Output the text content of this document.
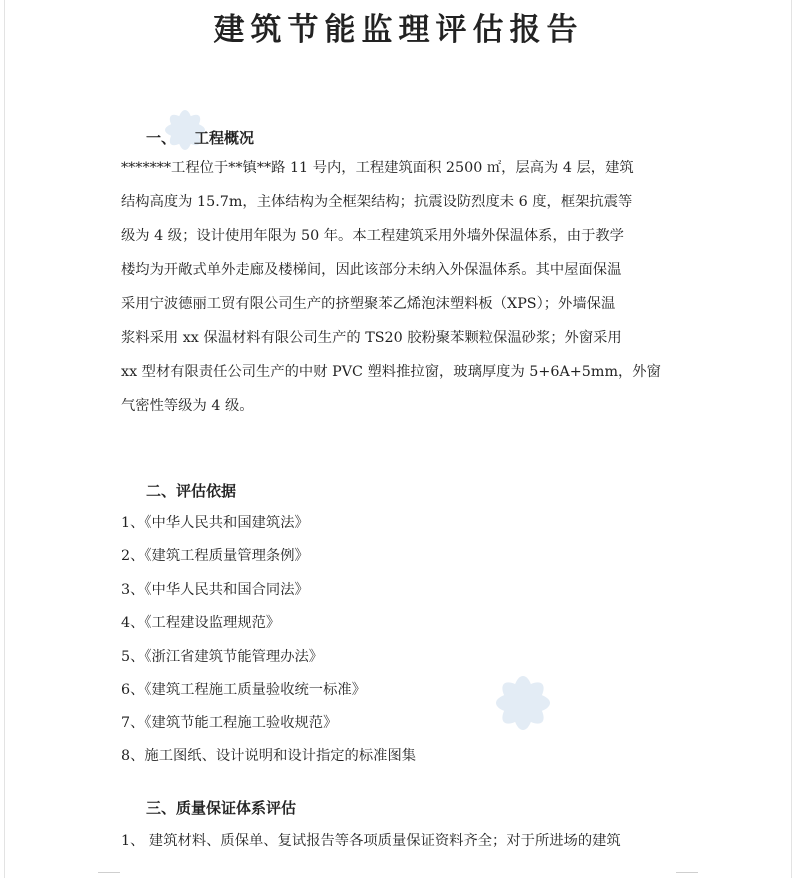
建筑节能监理评估报告
一、 工程概况
*******工程位于**镇**路 11 号内，工程建筑面积 2500 ㎡，层高为 4 层，建筑
结构高度为 15.7m，主体结构为全框架结构；抗震设防烈度未 6 度，框架抗震等
级为 4 级；设计使用年限为 50 年。本工程建筑采用外墙外保温体系，由于教学
楼均为开敞式单外走廊及楼梯间，因此该部分未纳入外保温体系。其中屋面保温
采用宁波德丽工贸有限公司生产的挤塑聚苯乙烯泡沫塑料板（XPS）；外墙保温
浆料采用 xx 保温材料有限公司生产的 TS20 胶粉聚苯颗粒保温砂浆；外窗采用
xx 型材有限责任公司生产的中财 PVC 塑料推拉窗，玻璃厚度为 5+6A+5mm，外窗
气密性等级为 4 级。
二、评估依据
1、《中华人民共和国建筑法》
2、《建筑工程质量管理条例》
3、《中华人民共和国合同法》
4、《工程建设监理规范》
5、《浙江省建筑节能管理办法》
6、《建筑工程施工质量验收统一标准》
7、《建筑节能工程施工验收规范》
8、施工图纸、设计说明和设计指定的标准图集
三、质量保证体系评估
1、 建筑材料、质保单、复试报告等各项质量保证资料齐全；对于所进场的建筑
